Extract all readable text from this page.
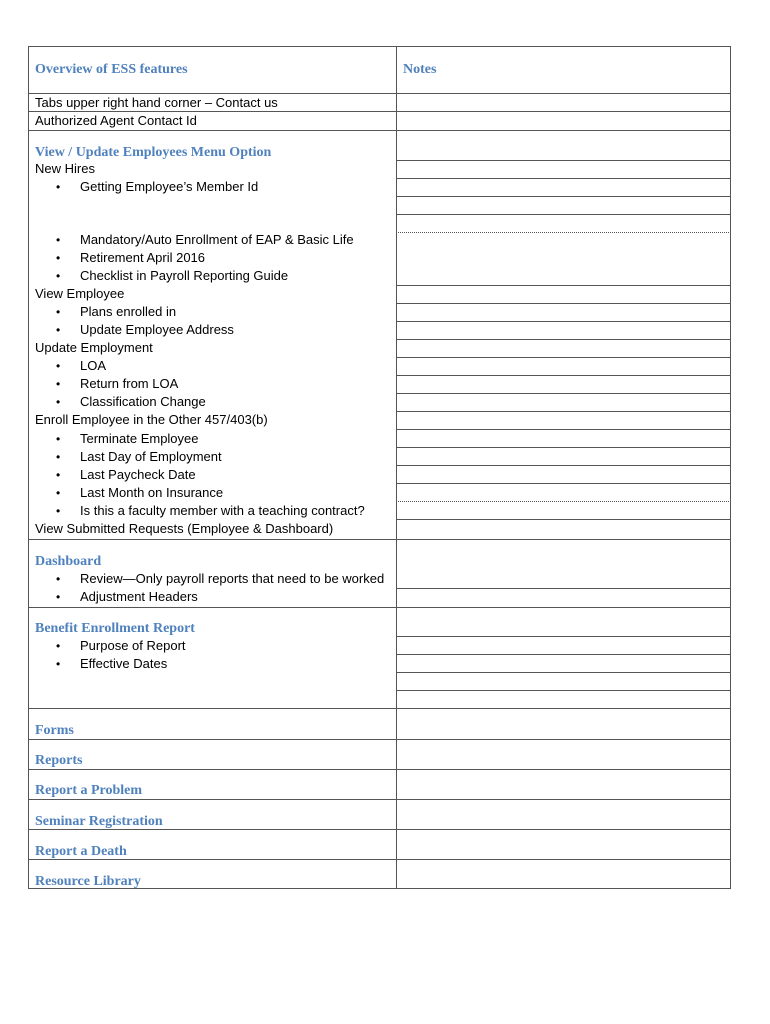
Overview of ESS features	Notes
Tabs upper right hand corner – Contact us
Authorized Agent Contact Id
View / Update Employees Menu Option
New Hires
• Getting Employee’s Member Id
• Mandatory/Auto Enrollment of EAP & Basic Life
• Retirement April 2016
• Checklist in Payroll Reporting Guide
View Employee
• Plans enrolled in
• Update Employee Address
Update Employment
• LOA
• Return from LOA
• Classification Change
Enroll Employee in the Other 457/403(b)
• Terminate Employee
• Last Day of Employment
• Last Paycheck Date
• Last Month on Insurance
• Is this a faculty member with a teaching contract?
View Submitted Requests (Employee & Dashboard)
Dashboard
• Review—Only payroll reports that need to be worked
• Adjustment Headers
Benefit Enrollment Report
• Purpose of Report
• Effective Dates
Forms
Reports
Report a Problem
Seminar Registration
Report a Death
Resource Library
